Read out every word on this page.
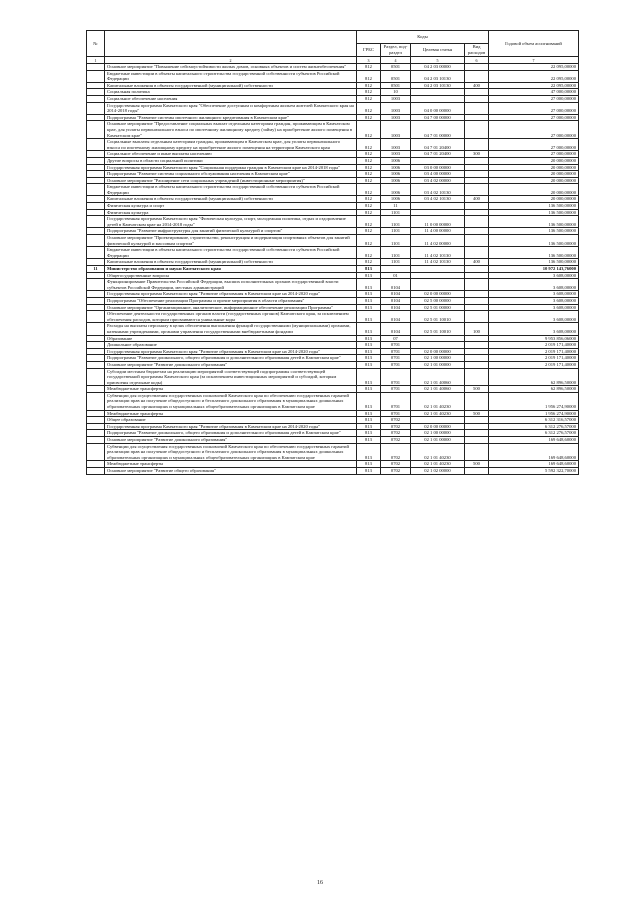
№		Коды				Годовой объем ассигнований
		ГРБС	Раздел, под-раздел	Целевая статья	Вид расходов	
1	2	3	4	5	6	7
	Основное мероприятие "Повышение сейсмоустойчивости жилых домов, основных объектов и систем жизнеобеспечения"	812	0501	04 2 03 00000		22 095,00000
	Бюджетные инвестиции в объекты капитального строительства государственной собственности субъектов Российской Федерации	812	0501	04 2 03 10130		22 095,00000
	Капитальные вложения в объекты государственной (муниципальной) собственности	812	0501	04 2 03 10130	400	22 095,00000
	Социальная политика	812	10			47 000,00000
	Социальное обеспечение населения	812	1003			27 000,00000
	Государственная программа Камчатского края "Обеспечение доступным и комфортным жильем жителей Камчатского края на 2014-2018 годы"	812	1003	04 0 00 00000		27 000,00000
	Подпрограмма "Развитие системы ипотечного жилищного кредитования в Камчатском крае"	812	1003	04 7 00 00000		27 000,00000
	Основное мероприятие "Предоставление социальных выплат отдельным категориям граждан, проживающим в Камчатском крае, для уплаты первоначального взноса по ипотечному жилищному кредиту (займу) на приобретение жилого помещения в Камчатском крае"	812	1003	04 7 01 00000		27 000,00000
	Социальные выплаты отдельным категориям граждан, проживающим в Камчатском крае, для уплаты первоначального взноса по ипотечному жилищному кредиту на приобретение жилого помещения на территории Камчатского края	812	1003	04 7 01 20400		27 000,00000
	Социальное обеспечение и иные выплаты населению	812	1003	04 7 01 20400	300	27 000,00000
	Другие вопросы в области социальной политики	812	1006			20 000,00000
	Государственная программа Камчатского края "Социальная поддержка граждан в Камчатском крае на 2014-2018 годы"	812	1006	03 0 00 00000		20 000,00000
	Подпрограмма "Развитие системы социального обслуживания населения в Камчатском крае"	812	1006	03 4 00 00000		20 000,00000
	Основное мероприятие "Расширение сети социальных учреждений (инвестиционные мероприятия)"	812	1006	03 4 02 00000		20 000,00000
	Бюджетные инвестиции в объекты капитального строительства государственной собственности субъектов Российской Федерации	812	1006	03 4 02 10130		20 000,00000
	Капитальные вложения в объекты государственной (муниципальной) собственности	812	1006	03 4 02 10130	400	20 000,00000
	Физическая культура и спорт	812	11			136 500,00000
	Физическая культура	812	1101			136 500,00000
	Государственная программа Камчатского края "Физическая культура, спорт, молодежная политика, отдых и оздоровление детей в Камчатском крае на 2014-2018 годы"	812	1101	11 0 00 00000		136 500,00000
	Подпрограмма "Развитие инфраструктуры для занятий физической культурой и спортом"	812	1101	11 4 00 00000		136 500,00000
	Основное мероприятие "Проектирование, строительство, реконструкция и модернизация спортивных объектов для занятий физической культурой и массовым спортом"	812	1101	11 4 02 00000		136 500,00000
	Бюджетные инвестиции в объекты капитального строительства государственной собственности субъектов Российской Федерации	812	1101	11 4 02 10130		136 500,00000
	Капитальные вложения в объекты государственной (муниципальной) собственности	812	1101	11 4 02 10130	400	136 500,00000
11	Министерство образования и науки Камчатского края	813				10 972 143,76000
	Общегосударственные вопросы	813	01			3 608,00000
	Функционирование Правительства Российской Федерации, высших исполнительных органов государственной власти субъектов Российской Федерации, местных администраций	813	0104			3 608,00000
	Государственная программа Камчатского края "Развитие образования в Камчатском крае на 2014-2020 годы"	813	0104	02 0 00 00000		3 608,00000
	Подпрограмма "Обеспечение реализации Программы и прочие мероприятия в области образования"	813	0104	02 5 00 00000		3 608,00000
	Основное мероприятие "Организационное, аналитическое, информационное обеспечение реализации Программы"	813	0104	02 5 01 00000		3 608,00000
	Обеспечение деятельности государственных органов власти (государственных органов) Камчатского края, за исключением обеспечения расходов, которым присваиваются уникальные коды	813	0104	02 5 01 10010		3 608,00000
	Расходы на выплаты персоналу в целях обеспечения выполнения функций государственными (муниципальными) органами, казенными учреждениями, органами управления государственными внебюджетными фондами	813	0104	02 5 01 10010	100	3 608,00000
	Образование	813	07			9 953 856,06000
	Дошкольное образование	813	0701			2 019 171,40000
	Государственная программа Камчатского края "Развитие образования в Камчатском крае на 2014-2020 годы"	813	0701	02 0 00 00000		2 019 171,40000
	Подпрограмма "Развитие дошкольного, общего образования и дополнительного образования детей в Камчатском крае"	813	0701	02 1 00 00000		2 019 171,40000
	Основное мероприятие "Развитие дошкольного образования"	813	0701	02 1 01 00000		2 019 171,40000
	Субсидии местным бюджетам на реализацию мероприятий соответствующей подпрограммы соответствующей государственной программы Камчатского края (за исключением инвестиционных мероприятий и субсидий, которым присвоены отдельные коды)	813	0701	02 1 01 40060		62 896,50000
	Межбюджетные трансферты	813	0701	02 1 01 40060	500	62 896,50000
	Субвенции для осуществления государственных полномочий Камчатского края по обеспечению государственных гарантий реализации прав на получение общедоступного и бесплатного дошкольного образования в муниципальных дошкольных образовательных организациях и муниципальных общеобразовательных организациях в Камчатском крае	813	0701	02 1 01 40230		1 956 274,90000
	Межбюджетные трансферты	813	0701	02 1 01 40230	500	1 956 274,90000
	Общее образование	813	0702			6 312 316,57000
	Государственная программа Камчатского края "Развитие образования в Камчатском крае на 2014-2020 годы"	813	0702	02 0 00 00000		6 312 276,57000
	Подпрограмма "Развитие дошкольного, общего образования и дополнительного образования детей в Камчатском крае"	813	0702	02 1 00 00000		6 312 276,57000
	Основное мероприятие "Развитие дошкольного образования"	813	0702	02 1 01 00000		169 648,60000
	Субвенции для осуществления государственных полномочий Камчатского края по обеспечению государственных гарантий реализации прав на получение общедоступного и бесплатного дошкольного образования в муниципальных дошкольных образовательных организациях и муниципальных общеобразовательных организациях в Камчатском крае	813	0702	02 1 01 40230		169 648,60000
	Межбюджетные трансферты	813	0702	02 1 01 40230	500	169 648,60000
	Основное мероприятие "Развитие общего образования"	813	0702	02 1 02 00000		5 592 322,70000
16
